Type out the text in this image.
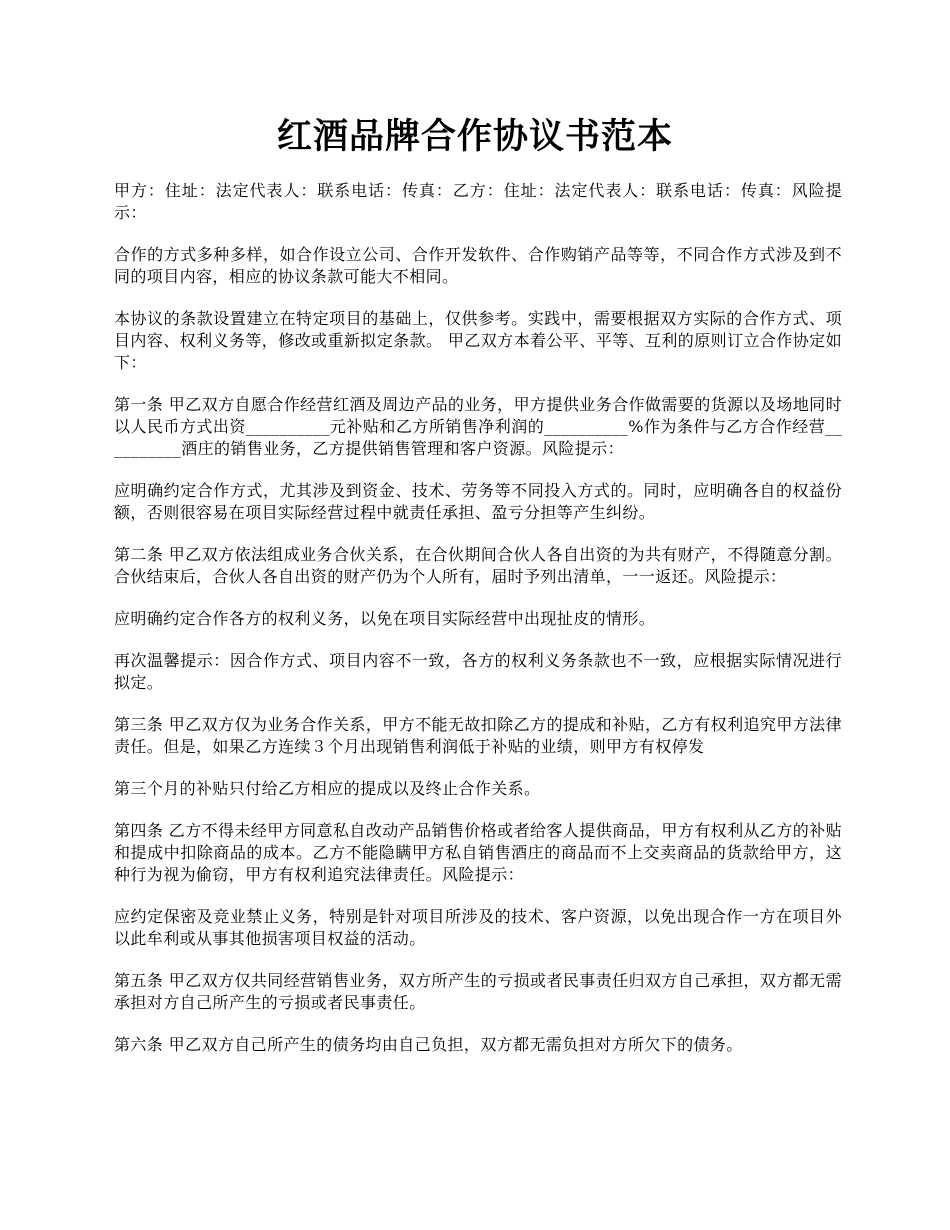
红酒品牌合作协议书范本

甲方：住址：法定代表人：联系电话：传真：乙方：住址：法定代表人：联系电话：传真：风险提示：

合作的方式多种多样，如合作设立公司、合作开发软件、合作购销产品等等，不同合作方式涉及到不同的项目内容，相应的协议条款可能大不相同。

本协议的条款设置建立在特定项目的基础上，仅供参考。实践中，需要根据双方实际的合作方式、项目内容、权利义务等，修改或重新拟定条款。 甲乙双方本着公平、平等、互利的原则订立合作协定如下：

第一条 甲乙双方自愿合作经营红酒及周边产品的业务，甲方提供业务合作做需要的货源以及场地同时以人民币方式出资__________元补贴和乙方所销售净利润的__________%作为条件与乙方合作经营__________酒庄的销售业务，乙方提供销售管理和客户资源。风险提示：

应明确约定合作方式，尤其涉及到资金、技术、劳务等不同投入方式的。同时，应明确各自的权益份额，否则很容易在项目实际经营过程中就责任承担、盈亏分担等产生纠纷。

第二条 甲乙双方依法组成业务合伙关系，在合伙期间合伙人各自出资的为共有财产，不得随意分割。合伙结束后，合伙人各自出资的财产仍为个人所有，届时予列出清单，一一返还。风险提示：

应明确约定合作各方的权利义务，以免在项目实际经营中出现扯皮的情形。

再次温馨提示：因合作方式、项目内容不一致，各方的权利义务条款也不一致，应根据实际情况进行拟定。

第三条 甲乙双方仅为业务合作关系，甲方不能无故扣除乙方的提成和补贴，乙方有权利追究甲方法律责任。但是，如果乙方连续３个月出现销售利润低于补贴的业绩，则甲方有权停发

第三个月的补贴只付给乙方相应的提成以及终止合作关系。

第四条 乙方不得未经甲方同意私自改动产品销售价格或者给客人提供商品，甲方有权利从乙方的补贴和提成中扣除商品的成本。乙方不能隐瞒甲方私自销售酒庄的商品而不上交卖商品的货款给甲方，这种行为视为偷窃，甲方有权利追究法律责任。风险提示：

应约定保密及竞业禁止义务，特别是针对项目所涉及的技术、客户资源，以免出现合作一方在项目外以此牟利或从事其他损害项目权益的活动。

第五条 甲乙双方仅共同经营销售业务，双方所产生的亏损或者民事责任归双方自己承担，双方都无需承担对方自己所产生的亏损或者民事责任。

第六条 甲乙双方自己所产生的债务均由自己负担，双方都无需负担对方所欠下的债务。
